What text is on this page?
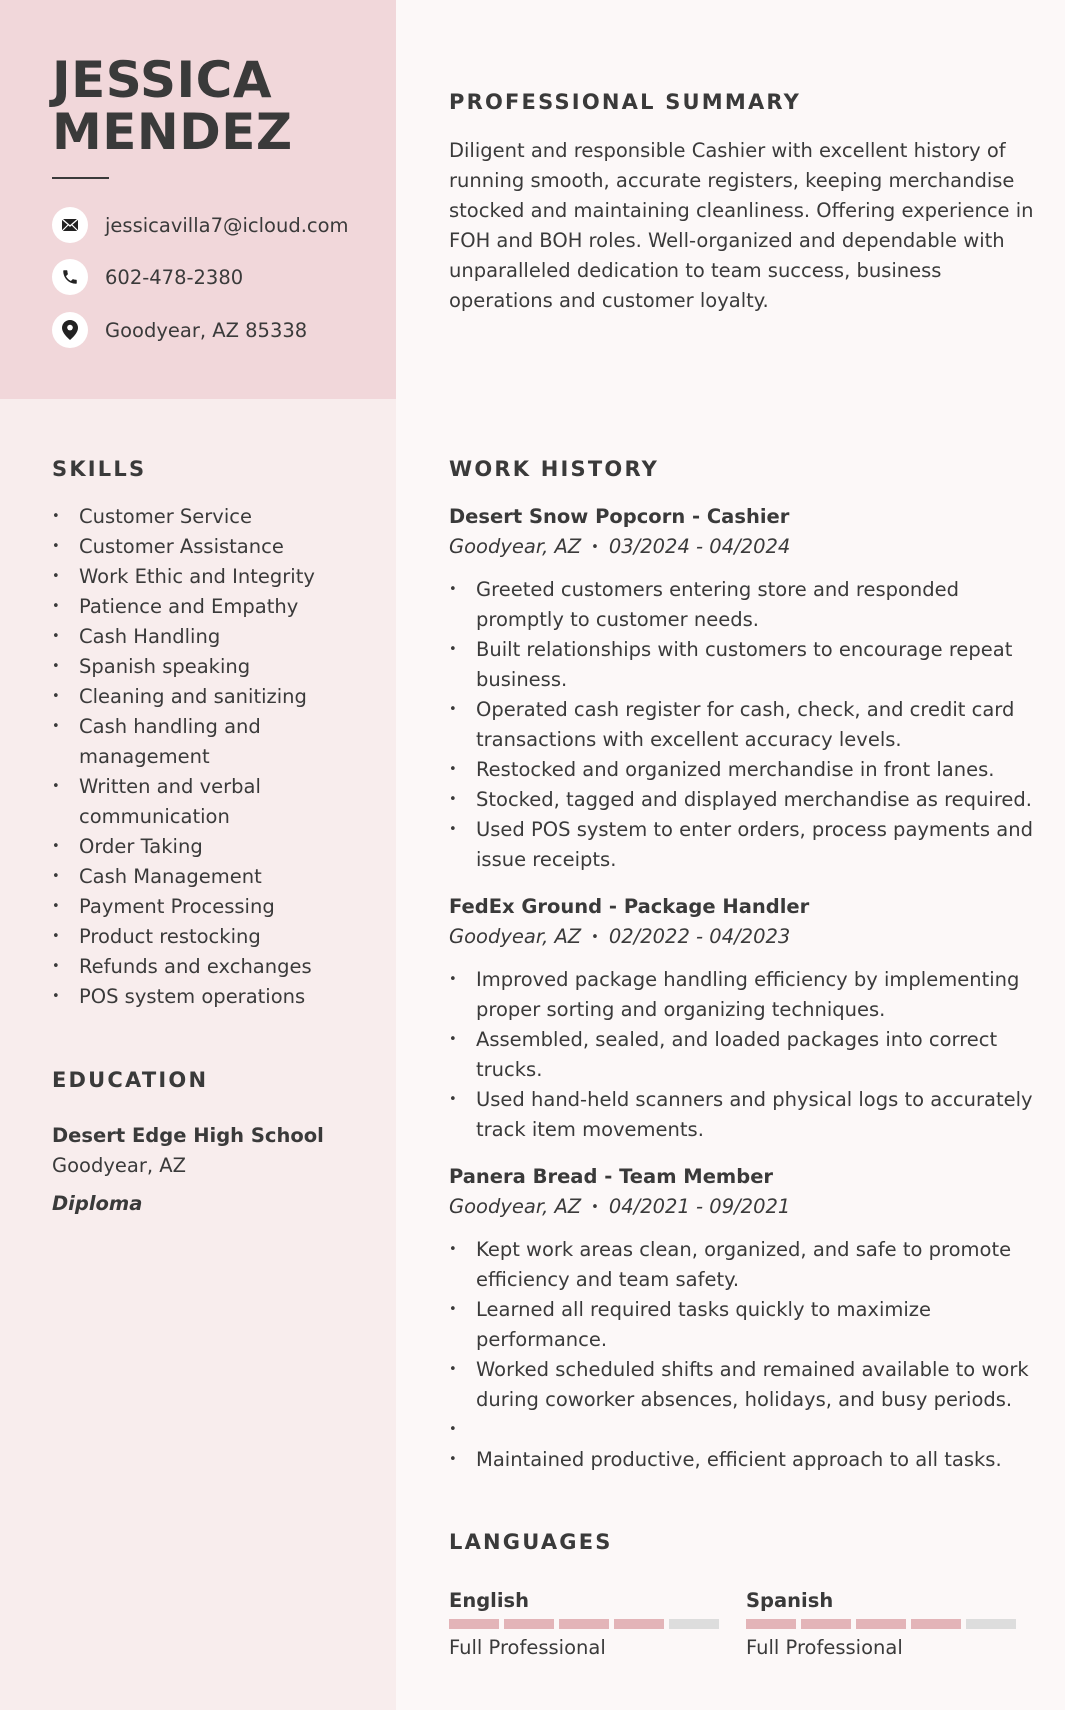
JESSICA
MENDEZ
jessicavilla7@icloud.com
602-478-2380
Goodyear, AZ 85338
PROFESSIONAL SUMMARY
Diligent and responsible Cashier with excellent history of running smooth, accurate registers, keeping merchandise stocked and maintaining cleanliness. Offering experience in FOH and BOH roles. Well-organized and dependable with unparalleled dedication to team success, business operations and customer loyalty.
SKILLS
• Customer Service
• Customer Assistance
• Work Ethic and Integrity
• Patience and Empathy
• Cash Handling
• Spanish speaking
• Cleaning and sanitizing
• Cash handling and management
• Written and verbal communication
• Order Taking
• Cash Management
• Payment Processing
• Product restocking
• Refunds and exchanges
• POS system operations
EDUCATION
Desert Edge High School
Goodyear, AZ
Diploma
WORK HISTORY
Desert Snow Popcorn - Cashier
Goodyear, AZ • 03/2024 - 04/2024
• Greeted customers entering store and responded promptly to customer needs.
• Built relationships with customers to encourage repeat business.
• Operated cash register for cash, check, and credit card transactions with excellent accuracy levels.
• Restocked and organized merchandise in front lanes.
• Stocked, tagged and displayed merchandise as required.
• Used POS system to enter orders, process payments and issue receipts.
FedEx Ground - Package Handler
Goodyear, AZ • 02/2022 - 04/2023
• Improved package handling efficiency by implementing proper sorting and organizing techniques.
• Assembled, sealed, and loaded packages into correct trucks.
• Used hand-held scanners and physical logs to accurately track item movements.
Panera Bread - Team Member
Goodyear, AZ • 04/2021 - 09/2021
• Kept work areas clean, organized, and safe to promote efficiency and team safety.
• Learned all required tasks quickly to maximize performance.
• Worked scheduled shifts and remained available to work during coworker absences, holidays, and busy periods.
•
• Maintained productive, efficient approach to all tasks.
LANGUAGES
English
Full Professional
Spanish
Full Professional
